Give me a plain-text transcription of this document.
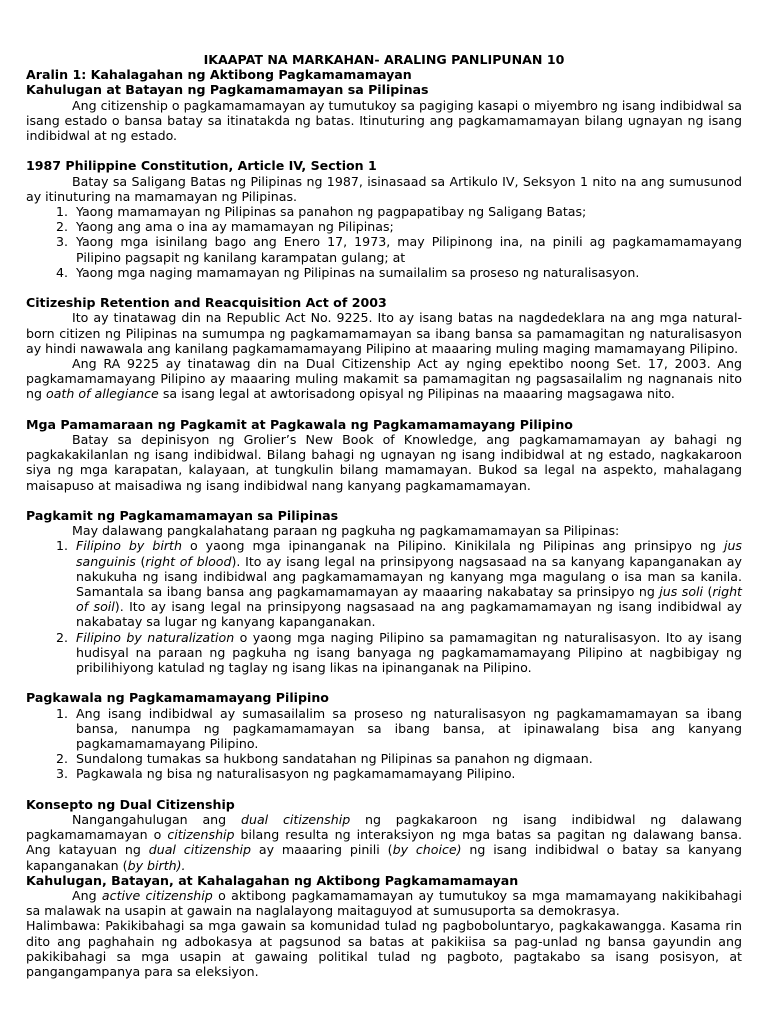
IKAAPAT NA MARKAHAN- ARALING PANLIPUNAN 10

Aralin 1: Kahalagahan ng Aktibong Pagkamamamayan

Kahulugan at Batayan ng Pagkamamamayan sa Pilipinas

Ang citizenship o pagkamamamayan ay tumutukoy sa pagiging kasapi o miyembro ng isang indibidwal sa isang estado o bansa batay sa itinatakda ng batas. Itinuturing ang pagkamamamayan bilang ugnayan ng isang indibidwal at ng estado.

1987 Philippine Constitution, Article IV, Section 1

Batay sa Saligang Batas ng Pilipinas ng 1987, isinasaad sa Artikulo IV, Seksyon 1 nito na ang sumusunod ay itinuturing na mamamayan ng Pilipinas.

1. Yaong mamamayan ng Pilipinas sa panahon ng pagpapatibay ng Saligang Batas;
2. Yaong ang ama o ina ay mamamayan ng Pilipinas;
3. Yaong mga isinilang bago ang Enero 17, 1973, may Pilipinong ina, na pinili ag pagkamamamayang Pilipino pagsapit ng kanilang karampatan gulang; at
4. Yaong mga naging mamamayan ng Pilipinas na sumailalim sa proseso ng naturalisasyon.

Citizeship Retention and Reacquisition Act of 2003

Ito ay tinatawag din na Republic Act No. 9225. Ito ay isang batas na nagdedeklara na ang mga natural-born citizen ng Pilipinas na sumumpa ng pagkamamamayan sa ibang bansa sa pamamagitan ng naturalisasyon ay hindi nawawala ang kanilang pagkamamamayang Pilipino at maaaring muling maging mamamayang Pilipino.

Ang RA 9225 ay tinatawag din na Dual Citizenship Act ay nging epektibo noong Set. 17, 2003. Ang pagkamamamayang Pilipino ay maaaring muling makamit sa pamamagitan ng pagsasailalim ng nagnanais nito ng oath of allegiance sa isang legal at awtorisadong opisyal ng Pilipinas na maaaring magsagawa nito.

Mga Pamamaraan ng Pagkamit at Pagkawala ng Pagkamamamayang Pilipino

Batay sa depinisyon ng Grolier’s New Book of Knowledge, ang pagkamamamayan ay bahagi ng pagkakakilanlan ng isang indibidwal. Bilang bahagi ng ugnayan ng isang indibidwal at ng estado, nagkakaroon siya ng mga karapatan, kalayaan, at tungkulin bilang mamamayan. Bukod sa legal na aspekto, mahalagang maisapuso at maisadiwa ng isang indibidwal nang kanyang pagkamamamayan.

Pagkamit ng Pagkamamamayan sa Pilipinas

May dalawang pangkalahatang paraan ng pagkuha ng pagkamamamayan sa Pilipinas:

1. Filipino by birth o yaong mga ipinanganak na Pilipino. Kinikilala ng Pilipinas ang prinsipyo ng jus sanguinis (right of blood). Ito ay isang legal na prinsipyong nagsasaad na sa kanyang kapanganakan ay nakukuha ng isang indibidwal ang pagkamamamayan ng kanyang mga magulang o isa man sa kanila. Samantala sa ibang bansa ang pagkamamamayan ay maaaring nakabatay sa prinsipyo ng jus soli (right of soil). Ito ay isang legal na prinsipyong nagsasaad na ang pagkamamamayan ng isang indibidwal ay nakabatay sa lugar ng kanyang kapanganakan.
2. Filipino by naturalization o yaong mga naging Pilipino sa pamamagitan ng naturalisasyon. Ito ay isang hudisyal na paraan ng pagkuha ng isang banyaga ng pagkamamamayang Pilipino at nagbibigay ng pribilihiyong katulad ng taglay ng isang likas na ipinanganak na Pilipino.

Pagkawala ng Pagkamamamayang Pilipino

1. Ang isang indibidwal ay sumasailalim sa proseso ng naturalisasyon ng pagkamamamayan sa ibang bansa, nanumpa ng pagkamamamayan sa ibang bansa, at ipinawalang bisa ang kanyang pagkamamamayang Pilipino.
2. Sundalong tumakas sa hukbong sandatahan ng Pilipinas sa panahon ng digmaan.
3. Pagkawala ng bisa ng naturalisasyon ng pagkamamamayang Pilipino.

Konsepto ng Dual Citizenship

Nangangahulugan ang dual citizenship ng pagkakaroon ng isang indibidwal ng dalawang pagkamamamayan o citizenship bilang resulta ng interaksiyon ng mga batas sa pagitan ng dalawang bansa. Ang katayuan ng dual citizenship ay maaaring pinili (by choice) ng isang indibidwal o batay sa kanyang kapanganakan (by birth).

Kahulugan, Batayan, at Kahalagahan ng Aktibong Pagkamamamayan

Ang active citizenship o aktibong pagkamamamayan ay tumutukoy sa mga mamamayang nakikibahagi sa malawak na usapin at gawain na naglalayong maitaguyod at sumusuporta sa demokrasya.

Halimbawa: Pakikibahagi sa mga gawain sa komunidad tulad ng pagboboluntaryo, pagkakawanggа. Kasama rin dito ang paghahain ng adbokasya at pagsunod sa batas at pakikiisa sa pag-unlad ng bansa gayundin ang pakikibahagi sa mga usapin at gawaing politikal tulad ng pagboto, pagtakabo sa isang posisyon, at pangangampanya para sa eleksiyon.
